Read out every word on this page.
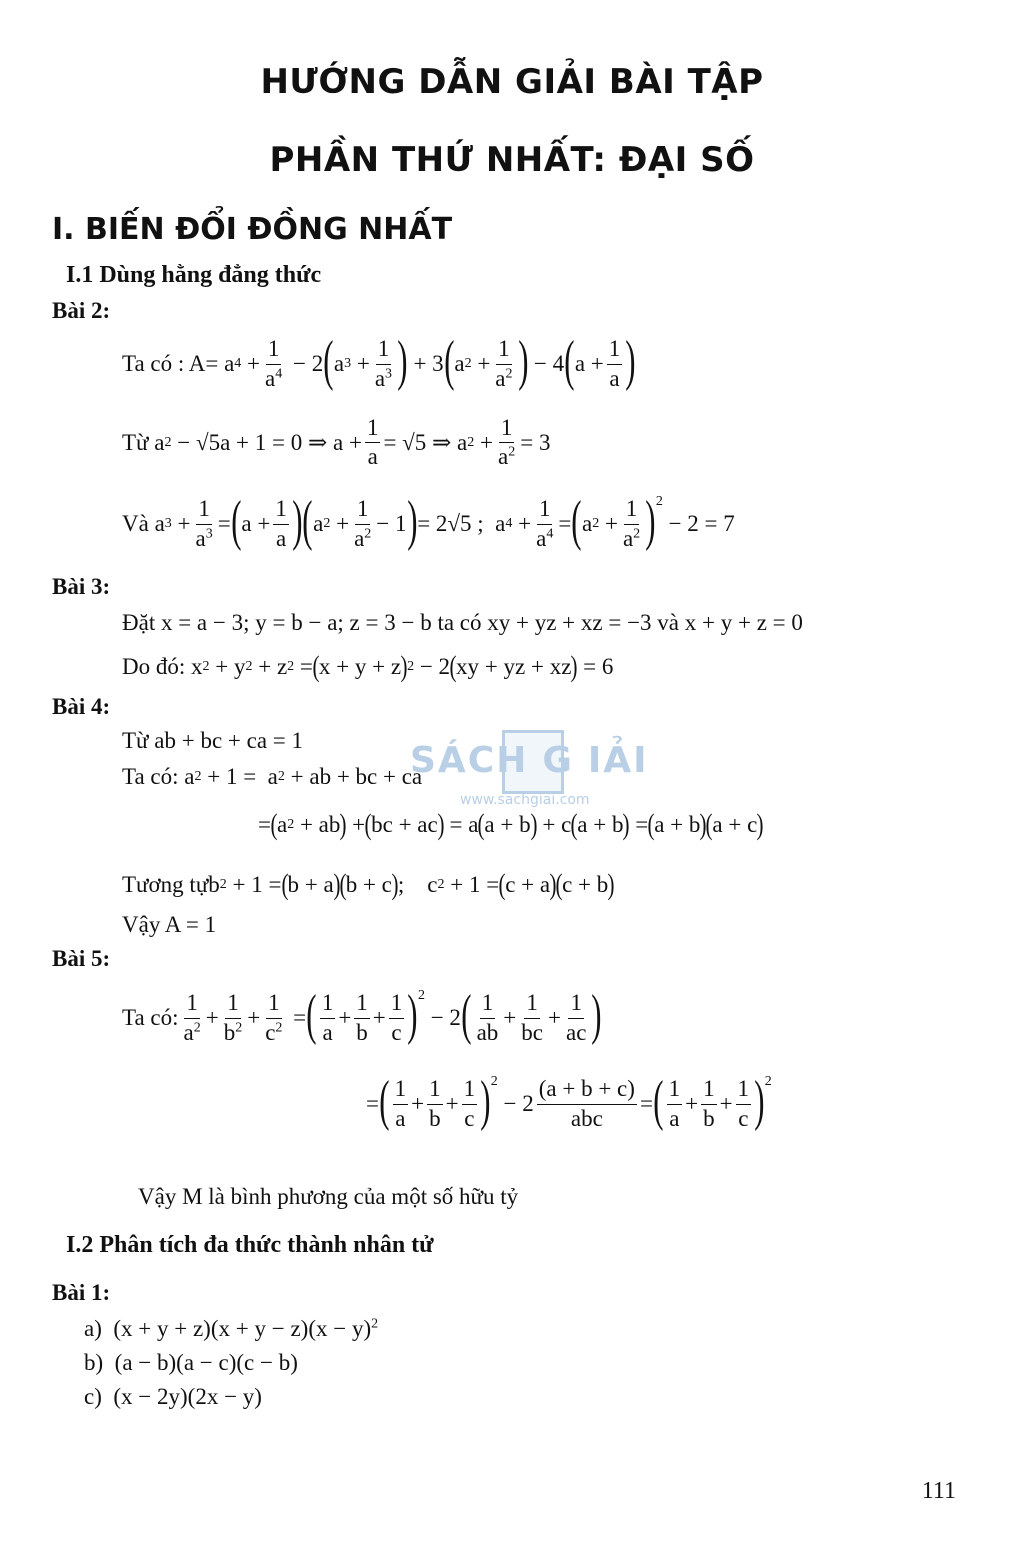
HƯỚNG DẪN GIẢI BÀI TẬP
PHẦN THỨ NHẤT: ĐẠI SỐ
I. BIẾN ĐỔI ĐỒNG NHẤT
I.1 Dùng hằng đẳng thức
Bài 2:
Ta có : A= a $4 + \frac{1}{a^4} - 2$ ( a $3 + \frac{1}{a^3}$ ) + 3 ( a $2 + \frac{1}{a^2}$ ) − 4 ( $a + \frac{1}{a}$ )
Từ a 2 − √5a + 1 = 0 ⇒ $a + \frac{1}{a} = √5$ ⇒ a $2 + \frac{1}{a^2} = 3$
Và a $3 + \frac{1}{a^3}$ = ( $a + \frac{1}{a}$ ) ( a $2 + \frac{1}{a^2} - 1$ ) = 2√5 ;  a $4 + \frac{1}{a^4}$ = ( a $2 + \frac{1}{a^2} )^2$
− 2 = 7
Bài 3:
Đặt x = a − 3; y = b − a; z = 3 − b ta có xy + yz + xz = −3 và x + y + z = 0
Do đó: x 2 + y 2 + z 2 = ( x + y + z ) 2 − 2 ( xy + yz + xz ) = 6
Bài 4:
Từ ab + bc + ca = 1
Ta có: a 2 + 1 =  a 2 + ab + bc + ca
= ( a 2 + ab ) + ( bc + ac ) = a ( a + b ) + c ( a + b ) = ( a + b ) ( a + c )
Tương tự b 2 + 1 = ( b + a ) ( b + c ) ;    c 2 + 1 = ( c + a ) ( c + b )
Vậy A = 1
Bài 5:
Ta có: $\frac{1}{a^2} + \frac{1}{b^2} + \frac{1}{c^2}$ = ( $\frac{1}{a} + \frac{1}{b} + \frac{1}{c} )^2$
− 2 ( $\frac{1}{ab} + \frac{1}{bc} + \frac{1}{ac}$ )
= ( $\frac{1}{a} + \frac{1}{b} + \frac{1}{c} )^2$
− $2 \frac{(a + b + c)}{\text{abc}}$ = ( $\frac{1}{a} + \frac{1}{b} + \frac{1}{c} )^2$
Vậy M là bình phương của một số hữu tỷ
I.2 Phân tích đa thức thành nhân tử
Bài 1:
a) $(x + y + z)(x + y - z)(x - y)^2$
b) (a − b)(a − c)(c − b)
c) (x − 2y)(2x − y)
SÁCH G IẢI
www.sachgiai.com
111
